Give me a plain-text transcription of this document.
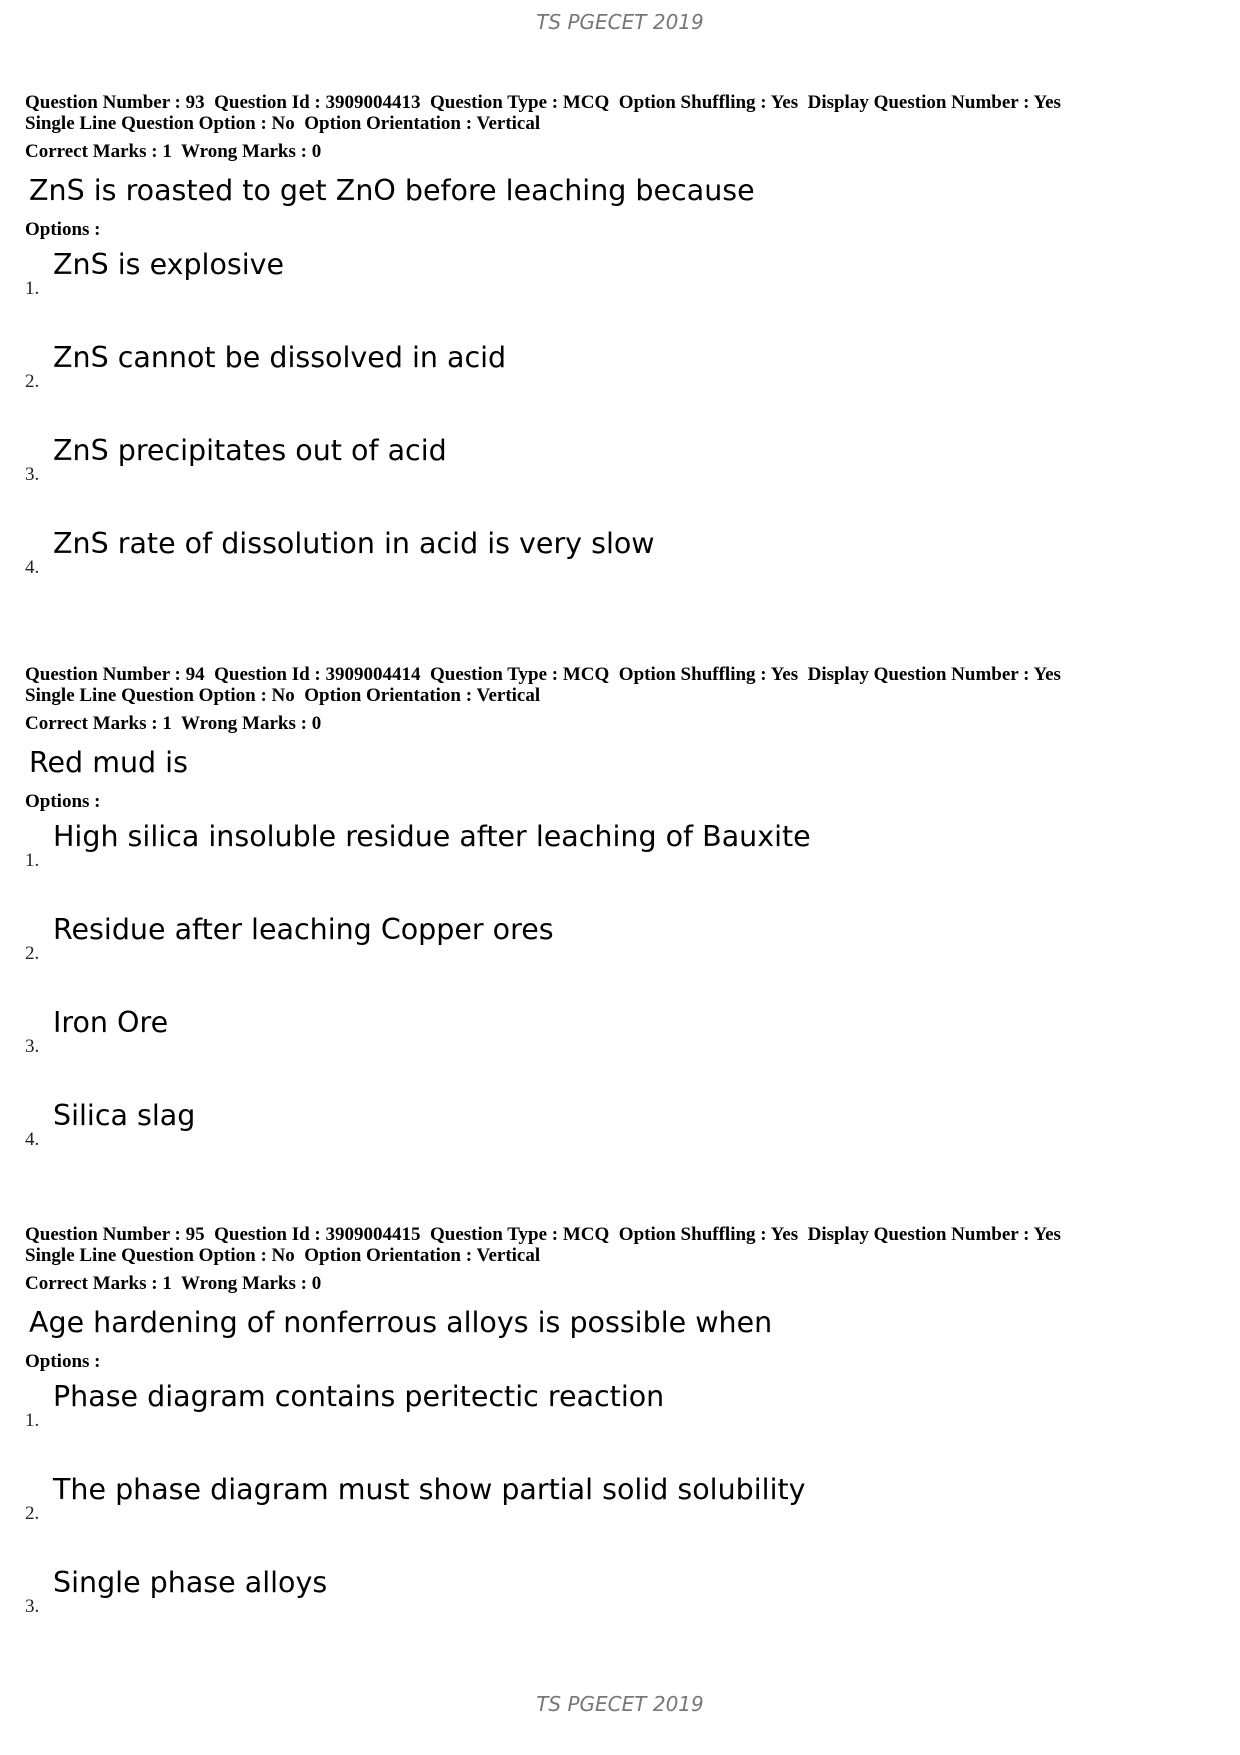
TS PGECET 2019
Question Number : 93  Question Id : 3909004413  Question Type : MCQ  Option Shuffling : Yes  Display Question Number : Yes
Single Line Question Option : No  Option Orientation : Vertical
Correct Marks : 1  Wrong Marks : 0
ZnS is roasted to get ZnO before leaching because
Options :
1.
ZnS is explosive
2.
ZnS cannot be dissolved in acid
3.
ZnS precipitates out of acid
4.
ZnS rate of dissolution in acid is very slow
Question Number : 94  Question Id : 3909004414  Question Type : MCQ  Option Shuffling : Yes  Display Question Number : Yes
Single Line Question Option : No  Option Orientation : Vertical
Correct Marks : 1  Wrong Marks : 0
Red mud is
Options :
1.
High silica insoluble residue after leaching of Bauxite
2.
Residue after leaching Copper ores
3.
Iron Ore
4.
Silica slag
Question Number : 95  Question Id : 3909004415  Question Type : MCQ  Option Shuffling : Yes  Display Question Number : Yes
Single Line Question Option : No  Option Orientation : Vertical
Correct Marks : 1  Wrong Marks : 0
Age hardening of nonferrous alloys is possible when
Options :
1.
Phase diagram contains peritectic reaction
2.
The phase diagram must show partial solid solubility
3.
Single phase alloys
TS PGECET 2019
